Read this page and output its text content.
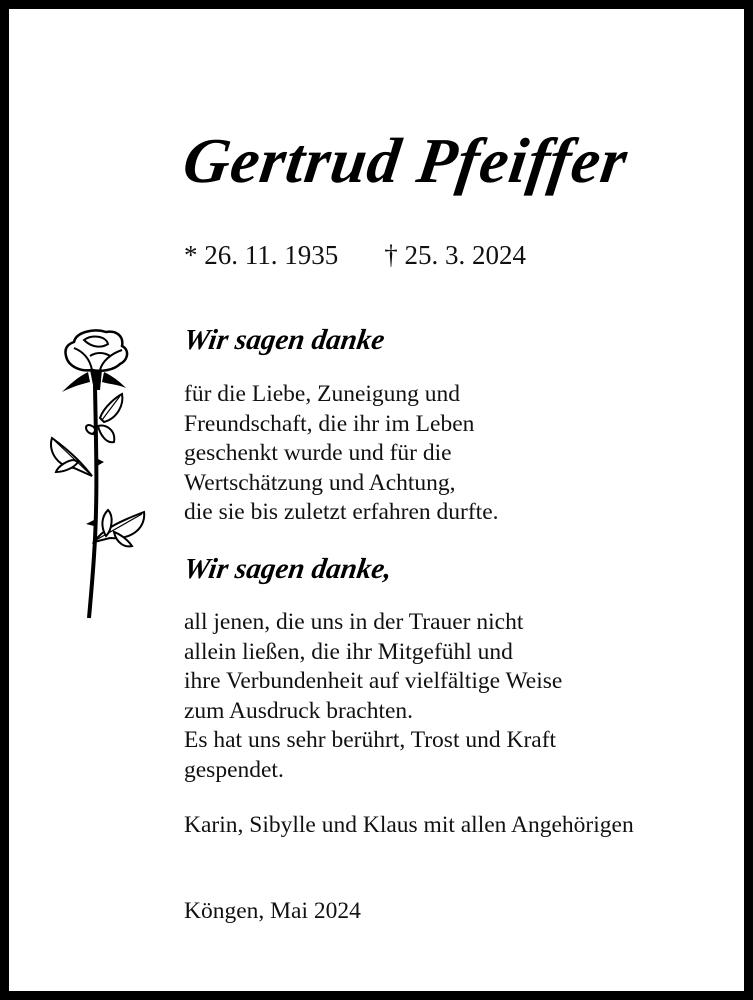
Gertrud Pfeiffer
* 26. 11. 1935 † 25. 3. 2024
Wir sagen danke
für die Liebe, Zuneigung und
Freundschaft, die ihr im Leben
geschenkt wurde und für die
Wertschätzung und Achtung,
die sie bis zuletzt erfahren durfte.
Wir sagen danke,
all jenen, die uns in der Trauer nicht
allein ließen, die ihr Mitgefühl und
ihre Verbundenheit auf vielfältige Weise
zum Ausdruck brachten.
Es hat uns sehr berührt, Trost und Kraft
gespendet.
Karin, Sibylle und Klaus mit allen Angehörigen
Köngen, Mai 2024
